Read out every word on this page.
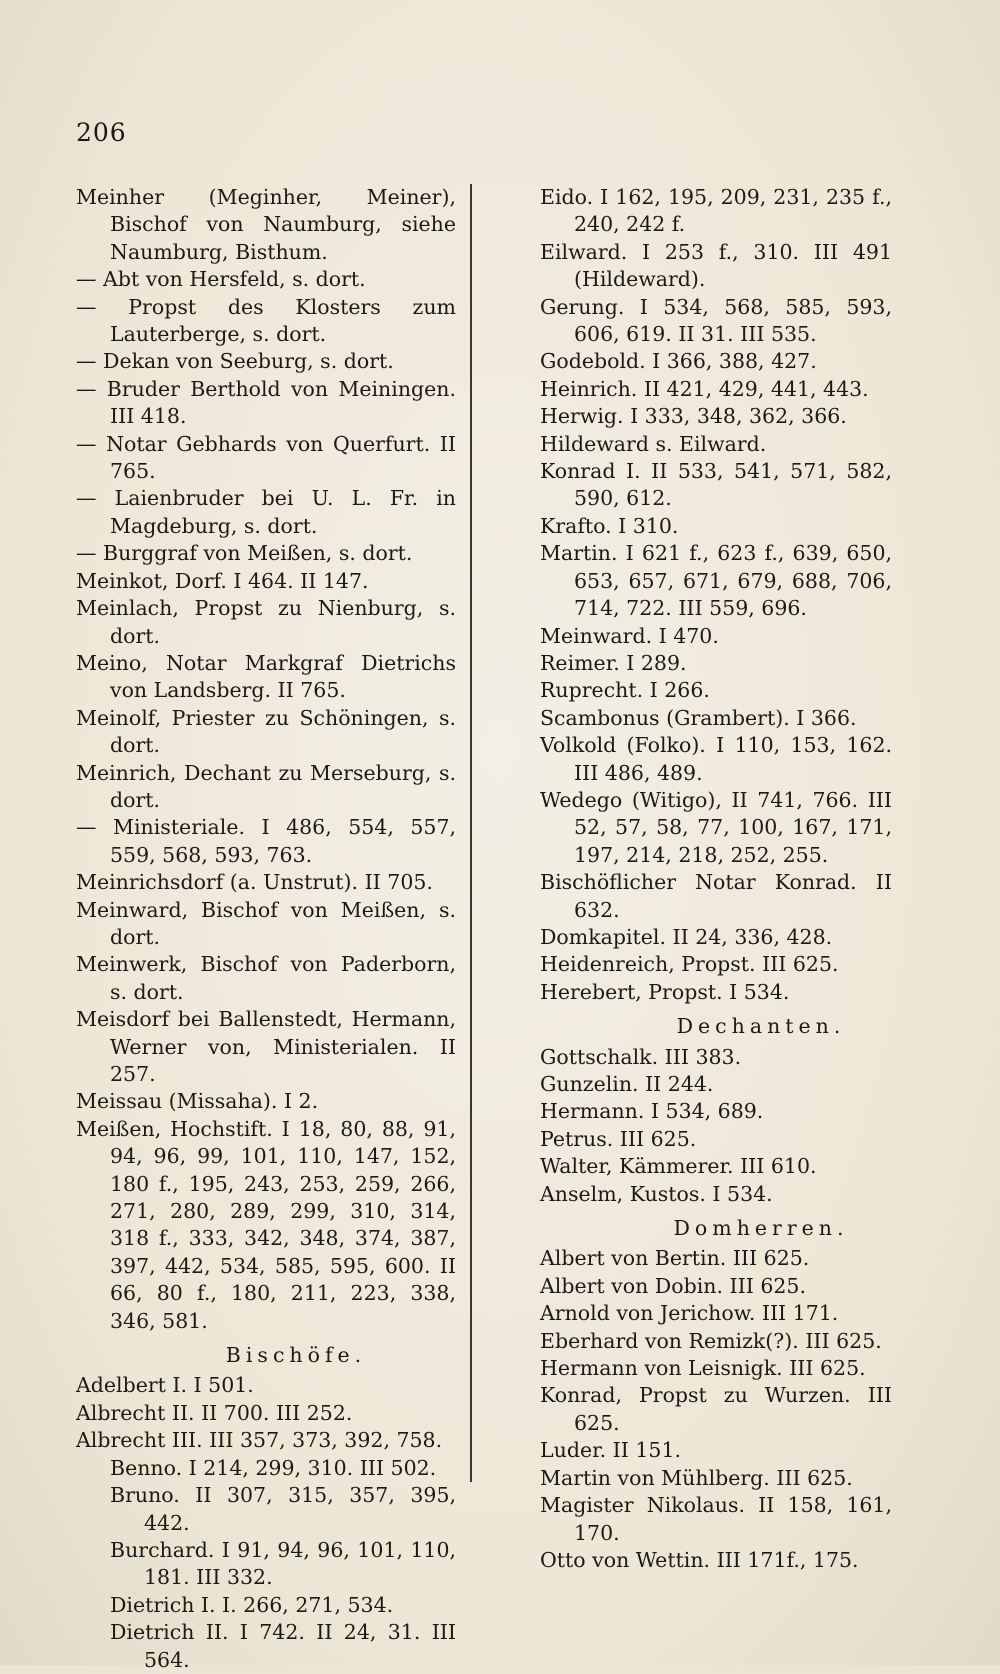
206

Meinher (Meginher, Meiner), Bischof von Naumburg, siehe Naumburg, Bisthum.

— Abt von Hersfeld, s. dort.

— Propst des Klosters zum Lauterberge, s. dort.

— Dekan von Seeburg, s. dort.

— Bruder Berthold von Meiningen. III 418.

— Notar Gebhards von Querfurt. II 765.

— Laienbruder bei U. L. Fr. in Magdeburg, s. dort.

— Burggraf von Meißen, s. dort.

Meinkot, Dorf. I 464. II 147.

Meinlach, Propst zu Nienburg, s. dort.

Meino, Notar Markgraf Dietrichs von Landsberg. II 765.

Meinolf, Priester zu Schöningen, s. dort.

Meinrich, Dechant zu Merseburg, s. dort.

— Ministeriale. I 486, 554, 557, 559, 568, 593, 763.

Meinrichsdorf (a. Unstrut). II 705.

Meinward, Bischof von Meißen, s. dort.

Meinwerk, Bischof von Paderborn, s. dort.

Meisdorf bei Ballenstedt, Hermann, Werner von, Ministerialen. II 257.

Meissau (Missaha). I 2.

Meißen, Hochstift. I 18, 80, 88, 91, 94, 96, 99, 101, 110, 147, 152, 180 f., 195, 243, 253, 259, 266, 271, 280, 289, 299, 310, 314, 318 f., 333, 342, 348, 374, 387, 397, 442, 534, 585, 595, 600. II 66, 80 f., 180, 211, 223, 338, 346, 581.

Bischöfe.

Adelbert I. I 501.

Albrecht II. II 700. III 252.

Albrecht III. III 357, 373, 392, 758.

Benno. I 214, 299, 310. III 502.

Bruno. II 307, 315, 357, 395, 442.

Burchard. I 91, 94, 96, 101, 110, 181. III 332.

Dietrich I. I. 266, 271, 534.

Dietrich II. I 742. II 24, 31. III 564.

Eido. I 162, 195, 209, 231, 235 f., 240, 242 f.

Eilward. I 253 f., 310. III 491 (Hildeward).

Gerung. I 534, 568, 585, 593, 606, 619. II 31. III 535.

Godebold. I 366, 388, 427.

Heinrich. II 421, 429, 441, 443.

Herwig. I 333, 348, 362, 366.

Hildeward s. Eilward.

Konrad I. II 533, 541, 571, 582, 590, 612.

Krafto. I 310.

Martin. I 621 f., 623 f., 639, 650, 653, 657, 671, 679, 688, 706, 714, 722. III 559, 696.

Meinward. I 470.

Reimer. I 289.

Ruprecht. I 266.

Scambonus (Grambert). I 366.

Volkold (Folko). I 110, 153, 162. III 486, 489.

Wedego (Witigo), II 741, 766. III 52, 57, 58, 77, 100, 167, 171, 197, 214, 218, 252, 255.

Bischöflicher Notar Konrad. II 632.

Domkapitel. II 24, 336, 428.

Heidenreich, Propst. III 625.

Herebert, Propst. I 534.

Dechanten.

Gottschalk. III 383.

Gunzelin. II 244.

Hermann. I 534, 689.

Petrus. III 625.

Walter, Kämmerer. III 610.

Anselm, Kustos. I 534.

Domherren.

Albert von Bertin. III 625.

Albert von Dobin. III 625.

Arnold von Jerichow. III 171.

Eberhard von Remizk(?). III 625.

Hermann von Leisnigk. III 625.

Konrad, Propst zu Wurzen. III 625.

Luder. II 151.

Martin von Mühlberg. III 625.

Magister Nikolaus. II 158, 161, 170.

Otto von Wettin. III 171f., 175.
